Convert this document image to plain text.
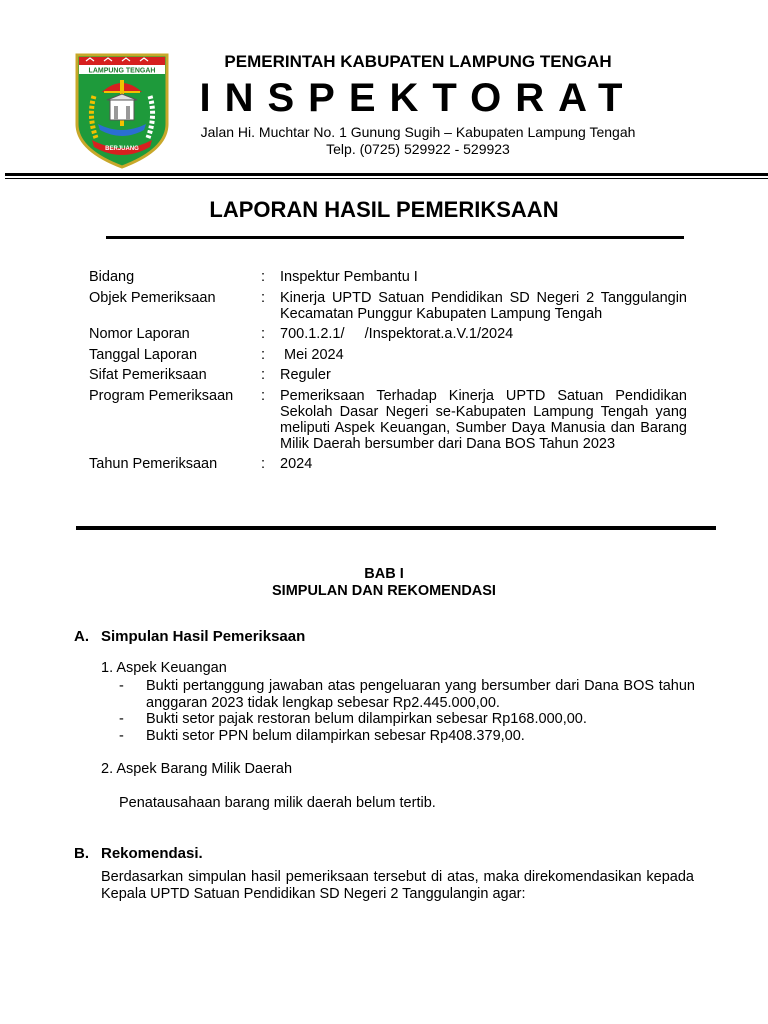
LAMPUNG TENGAH
BERJUANG
PEMERINTAH KABUPATEN LAMPUNG TENGAH
INSPEKTORAT
Jalan Hi. Muchtar No. 1 Gunung Sugih – Kabupaten Lampung Tengah
Telp. (0725) 529922 - 529923
LAPORAN HASIL PEMERIKSAAN
Bidang	:	Inspektur Pembantu I
Objek Pemeriksaan	:	Kinerja UPTD Satuan Pendidikan SD Negeri 2 Tanggulangin Kecamatan Punggur Kabupaten Lampung Tengah
Nomor Laporan	:	700.1.2.1/     /Inspektorat.a.V.1/2024
Tanggal Laporan	:	Mei 2024
Sifat Pemeriksaan	:	Reguler
Program Pemeriksaan	:	Pemeriksaan Terhadap Kinerja UPTD Satuan Pendidikan Sekolah Dasar Negeri se-Kabupaten Lampung Tengah yang meliputi Aspek Keuangan, Sumber Daya Manusia dan Barang Milik Daerah bersumber dari Dana BOS Tahun 2023
Tahun Pemeriksaan	:	2024
BAB I
SIMPULAN DAN REKOMENDASI
A. Simpulan Hasil Pemeriksaan
1. Aspek Keuangan
-	Bukti pertanggung jawaban atas pengeluaran yang bersumber dari Dana BOS tahun anggaran 2023 tidak lengkap sebesar Rp2.445.000,00.
-	Bukti setor pajak restoran belum dilampirkan sebesar Rp168.000,00.
-	Bukti setor PPN belum dilampirkan sebesar Rp408.379,00.
2. Aspek Barang Milik Daerah
Penatausahaan barang milik daerah belum tertib.
B. Rekomendasi.
Berdasarkan simpulan hasil pemeriksaan tersebut di atas, maka direkomendasikan kepada Kepala UPTD Satuan Pendidikan SD Negeri 2 Tanggulangin agar:
